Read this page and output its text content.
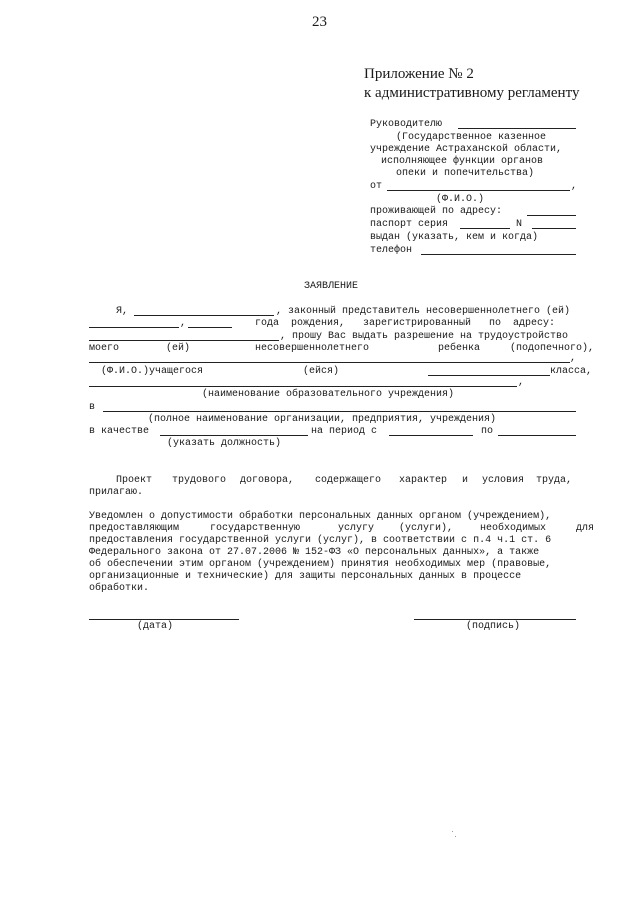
23
Приложение № 2
к административному регламенту
Руководителю
(Государственное казенное
учреждение Астраханской области,
исполняющее функции органов
опеки и попечительства)
от	,
(Ф.И.О.)
проживающей по адресу:
паспорт серия	N
выдан (указать, кем и когда)
телефон
ЗАЯВЛЕНИЕ
Я,	, законный представитель несовершеннолетнего (ей)
,	года  рождения,   зарегистрированный   по  адресу:
, прошу Вас выдать разрешение на трудоустройство
моего	(ей)	несовершеннолетнего	ребенка	(подопечного),
,
(Ф.И.О.)учащегося	(ейся)	класса,
,
(наименование образовательного учреждения)
в
(полное наименование организации, предприятия, учреждения)
в качестве	на период с	по
(указать должность)
Проект трудового договора, содержащего характер и условия труда,
прилагаю.
Уведомлен о допустимости обработки персональных данных органом (учреждением),
предоставляющим	государственную	услугу (услуги),	необходимых	для
предоставления государственной услуги (услуг), в соответствии с п.4 ч.1 ст. 6
Федерального закона от 27.07.2006 № 152-ФЗ «О персональных данных», а также
об обеспечении этим органом (учреждением) принятия необходимых мер (правовые,
организационные и технические) для защиты персональных данных в процессе
обработки.
(дата)	(подпись)
